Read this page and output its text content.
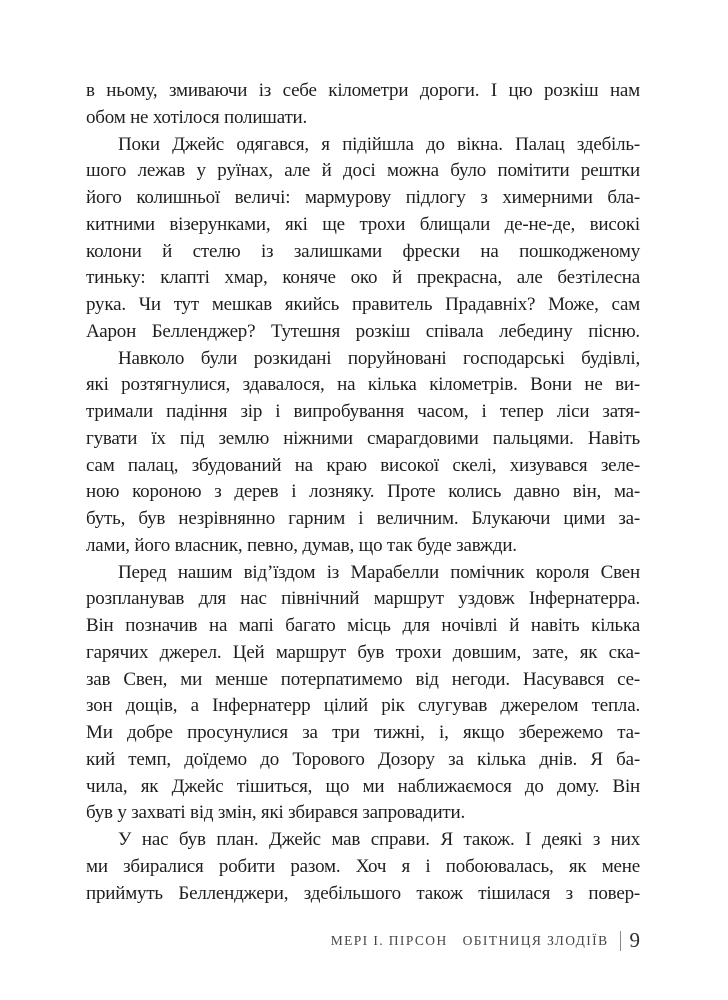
в ньому, змиваючи із себе кілометри дороги. І цю розкіш нам
обом не хотілося полишати.
Поки Джейс одягався, я підійшла до вікна. Палац здебіль-
шого лежав у руїнах, але й досі можна було помітити рештки
його колишньої величі: мармурову підлогу з химерними бла-
китними візерунками, які ще трохи блищали де-не-де, високі
колони й стелю із залишками фрески на пошкодженому
тиньку: клапті хмар, коняче око й прекрасна, але безтілесна
рука. Чи тут мешкав якийсь правитель Прадавніх? Може, сам
Аарон Белленджер? Тутешня розкіш співала лебедину пісню.
Навколо були розкидані поруйновані господарські будівлі,
які розтягнулися, здавалося, на кілька кілометрів. Вони не ви-
тримали падіння зір і випробування часом, і тепер ліси затя-
гувати їх під землю ніжними смарагдовими пальцями. Навіть
сам палац, збудований на краю високої скелі, хизувався зеле-
ною короною з дерев і лозняку. Проте колись давно він, ма-
буть, був незрівнянно гарним і величним. Блукаючи цими за-
лами, його власник, певно, думав, що так буде завжди.
Перед нашим відʼїздом із Марабелли помічник короля Свен
розпланував для нас північний маршрут уздовж Інфернатерра.
Він позначив на мапі багато місць для ночівлі й навіть кілька
гарячих джерел. Цей маршрут був трохи довшим, зате, як ска-
зав Свен, ми менше потерпатимемо від негоди. Насувався се-
зон дощів, а Інфернатерр цілий рік слугував джерелом тепла.
Ми добре просунулися за три тижні, і, якщо збережемо та-
кий темп, доїдемо до Торового Дозору за кілька днів. Я ба-
чила, як Джейс тішиться, що ми наближаємося до дому. Він
був у захваті від змін, які збирався запровадити.
У нас був план. Джейс мав справи. Я також. І деякі з них
ми збиралися робити разом. Хоч я і побоювалась, як мене
приймуть Белленджери, здебільшого також тішилася з повер-
МЕРІ І. ПІРСОН ОБІТНИЦЯ ЗЛОДІЇВ 9
